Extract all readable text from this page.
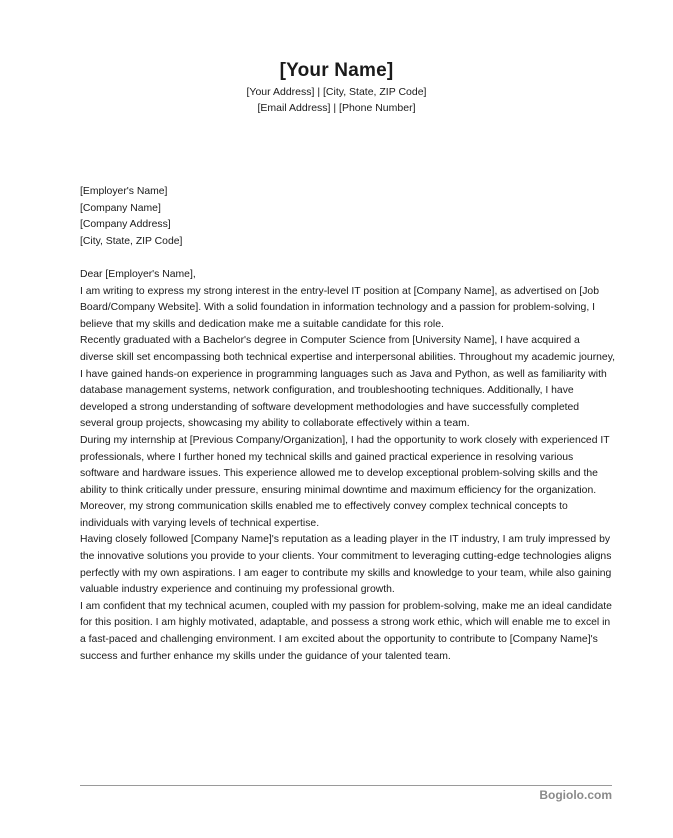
[Your Name]
[Your Address] | [City, State, ZIP Code]
[Email Address] | [Phone Number]
[Employer's Name]
[Company Name]
[Company Address]
[City, State, ZIP Code]

Dear [Employer's Name],

I am writing to express my strong interest in the entry-level IT position at [Company Name], as advertised on [Job Board/Company Website]. With a solid foundation in information technology and a passion for problem-solving, I believe that my skills and dedication make me a suitable candidate for this role.

Recently graduated with a Bachelor's degree in Computer Science from [University Name], I have acquired a diverse skill set encompassing both technical expertise and interpersonal abilities. Throughout my academic journey, I have gained hands-on experience in programming languages such as Java and Python, as well as familiarity with database management systems, network configuration, and troubleshooting techniques. Additionally, I have developed a strong understanding of software development methodologies and have successfully completed several group projects, showcasing my ability to collaborate effectively within a team.

During my internship at [Previous Company/Organization], I had the opportunity to work closely with experienced IT professionals, where I further honed my technical skills and gained practical experience in resolving various software and hardware issues. This experience allowed me to develop exceptional problem-solving skills and the ability to think critically under pressure, ensuring minimal downtime and maximum efficiency for the organization. Moreover, my strong communication skills enabled me to effectively convey complex technical concepts to individuals with varying levels of technical expertise.

Having closely followed [Company Name]'s reputation as a leading player in the IT industry, I am truly impressed by the innovative solutions you provide to your clients. Your commitment to leveraging cutting-edge technologies aligns perfectly with my own aspirations. I am eager to contribute my skills and knowledge to your team, while also gaining valuable industry experience and continuing my professional growth.

I am confident that my technical acumen, coupled with my passion for problem-solving, make me an ideal candidate for this position. I am highly motivated, adaptable, and possess a strong work ethic, which will enable me to excel in a fast-paced and challenging environment. I am excited about the opportunity to contribute to [Company Name]'s success and further enhance my skills under the guidance of your talented team.

Bogiolo.com
